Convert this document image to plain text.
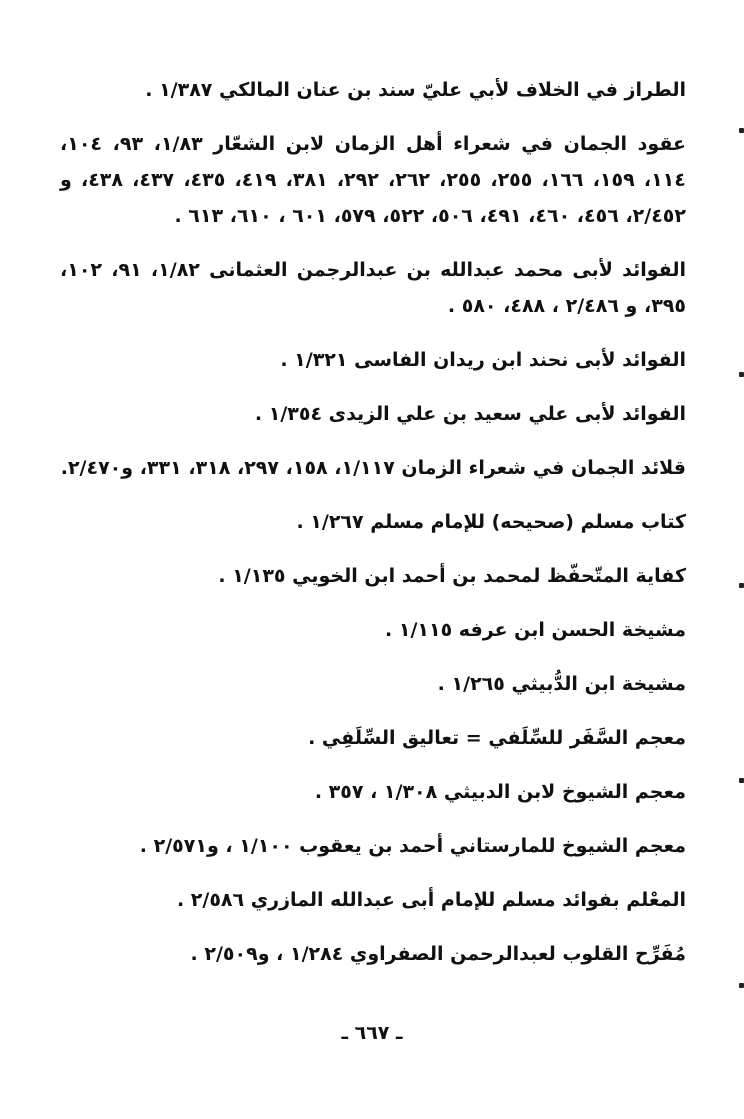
الطراز في الخلاف لأبي عليّ سند بن عنان المالكي ١/٣٨٧ .

عقود الجمان في شعراء أهل الزمان لابن الشعّار ١/٨٣، ٩٣، ١٠٤، ١١٤، ١٥٩، ١٦٦، ٢٥٥، ٢٥٥، ٢٦٢، ٢٩٢، ٣٨١، ٤١٩، ٤٣٥، ٤٣٧، ٤٣٨، و ٢/٤٥٢، ٤٥٦، ٤٦٠، ٤٩١، ٥٠٦، ٥٢٢، ٥٧٩، ٦٠١ ، ٦١٠، ٦١٣ .

الفوائد لأبى محمد عبدالله بن عبدالرجمن العثمانى ١/٨٢، ٩١، ١٠٢، ٣٩٥، و ٢/٤٨٦ ، ٤٨٨، ٥٨٠ .

الفوائد لأبى نحند ابن ريدان الفاسى ١/٣٢١ .

الفوائد لأبى علي سعيد بن علي الزيدى ١/٣٥٤ .

قلائد الجمان في شعراء الزمان ١/١١٧، ١٥٨، ٢٩٧، ٣١٨، ٣٣١، و٢/٤٧٠.

كتاب مسلم (صحيحه) للإمام مسلم ١/٢٦٧ .

كفاية المتّحفّظ لمحمد بن أحمد ابن الخويي ١/١٣٥ .

مشيخة الحسن ابن عرفه ١/١١٥ .

مشيخة ابن الدُّبيثي ١/٢٦٥ .

معجم السَّفَر للسِّلَفي = تعاليق السِّلَفِي .

معجم الشيوخ لابن الدبيثي ١/٣٠٨ ، ٣٥٧ .

معجم الشيوخ للمارستاني أحمد بن يعقوب ١/١٠٠ ، و٢/٥٧١ .

المعْلم بفوائد مسلم للإمام أبى عبدالله المازري ٢/٥٨٦ .

مُفَرِّح القلوب لعبدالرحمن الصفراوي ١/٢٨٤ ، و٢/٥٠٩ .

ـ ٦٦٧ ـ
